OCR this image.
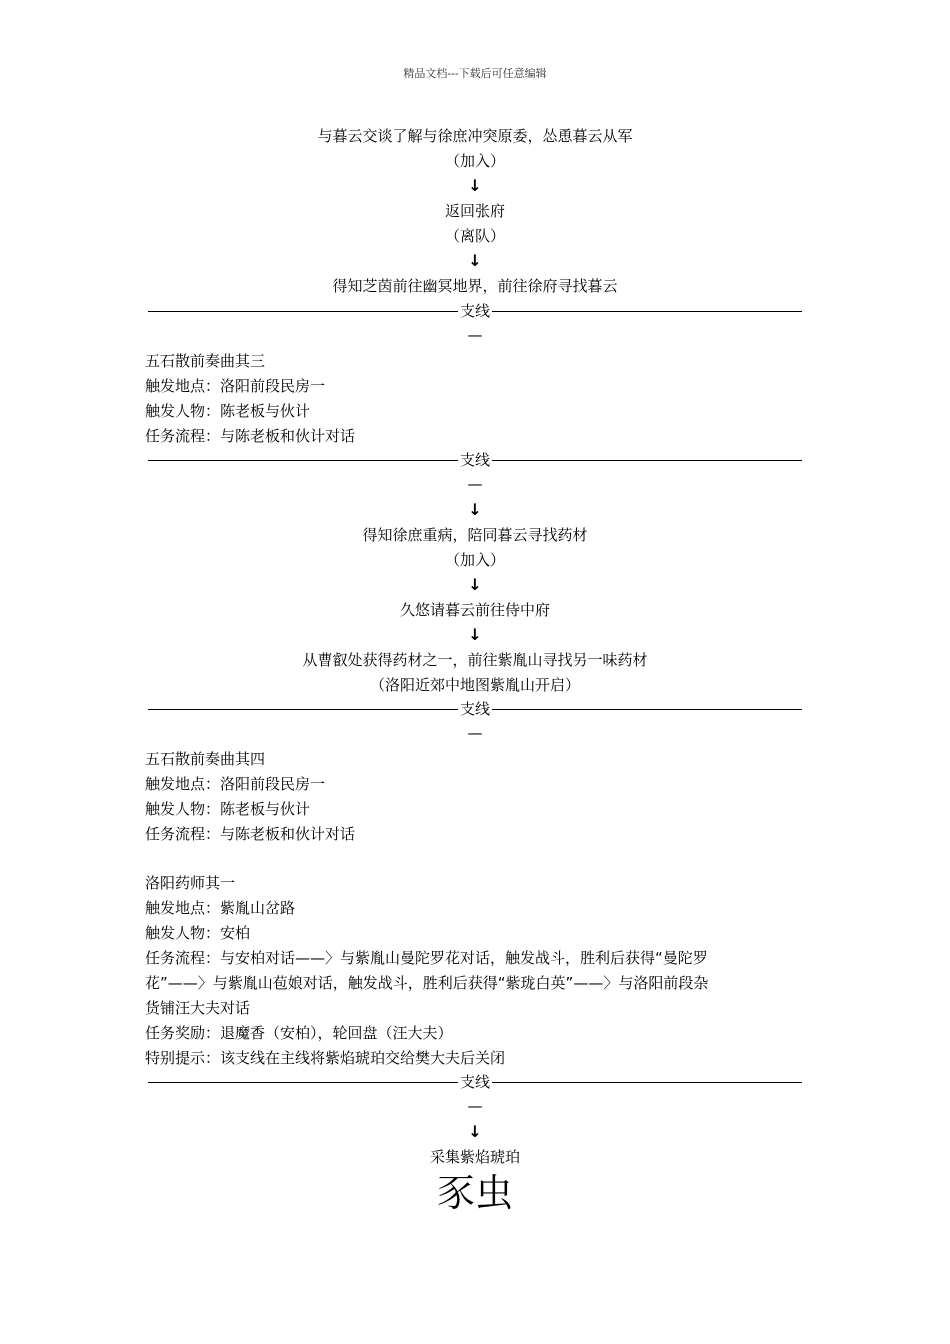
精品文档---下载后可任意编辑
与暮云交谈了解与徐庶冲突原委，怂恿暮云从军
（加入）
↓
返回张府
（离队）
↓
得知芝茵前往幽冥地界，前往徐府寻找暮云
支线
—
五石散前奏曲其三
触发地点：洛阳前段民房一
触发人物：陈老板与伙计
任务流程：与陈老板和伙计对话
支线
—
↓
得知徐庶重病，陪同暮云寻找药材
（加入）
↓
久悠请暮云前往侍中府
↓
从曹叡处获得药材之一，前往紫胤山寻找另一味药材
（洛阳近郊中地图紫胤山开启）
支线
—
五石散前奏曲其四
触发地点：洛阳前段民房一
触发人物：陈老板与伙计
任务流程：与陈老板和伙计对话
洛阳药师其一
触发地点：紫胤山岔路
触发人物：安柏
任务流程：与安柏对话——〉与紫胤山曼陀罗花对话，触发战斗，胜利后获得“曼陀罗
花”——〉与紫胤山苞娘对话，触发战斗，胜利后获得“紫珑白英”——〉与洛阳前段杂
货铺汪大夫对话
任务奖励：退魔香（安柏），轮回盘（汪大夫）
特别提示：该支线在主线将紫焰琥珀交给樊大夫后关闭
支线
—
↓
采集紫焰琥珀
豕虫
